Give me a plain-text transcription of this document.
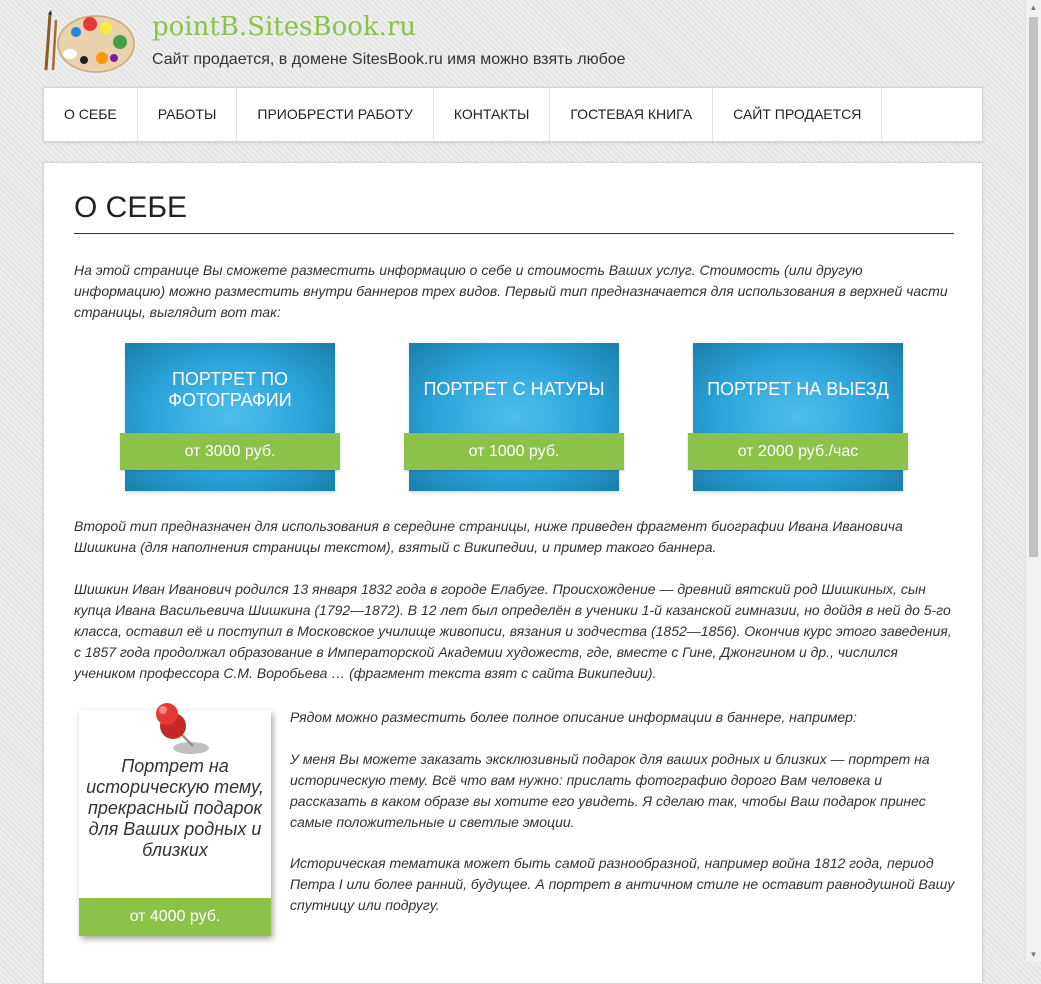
pointB.SitesBook.ru
Сайт продается, в домене SitesBook.ru имя можно взять любое
О СЕБЕ	РАБОТЫ	ПРИОБРЕСТИ РАБОТУ	КОНТАКТЫ	ГОСТЕВАЯ КНИГА	САЙТ ПРОДАЕТСЯ
О СЕБЕ

На этой странице Вы сможете разместить информацию о себе и стоимость Ваших услуг. Стоимость (или другую информацию) можно разместить внутри баннеров трех видов. Первый тип предназначается для использования в верхней части страницы, выглядит вот так:

ПОРТРЕТ ПО ФОТОГРАФИИ
от 3000 руб.
ПОРТРЕТ С НАТУРЫ
от 1000 руб.
ПОРТРЕТ НА ВЫЕЗД
от 2000 руб./час

Второй тип предназначен для использования в середине страницы, ниже приведен фрагмент биографии Ивана Ивановича Шишкина (для наполнения страницы текстом), взятый с Википедии, и пример такого баннера.

Шишкин Иван Иванович родился 13 января 1832 года в городе Елабуге. Происхождение — древний вятский род Шишкиных, сын купца Ивана Васильевича Шишкина (1792—1872). В 12 лет был определён в ученики 1-й казанской гимназии, но дойдя в ней до 5-го класса, оставил её и поступил в Московское училище живописи, вязания и зодчества (1852—1856). Окончив курс этого заведения, с 1857 года продолжал образование в Императорской Академии художеств, где, вместе с Гине, Джонгином и др., числился учеником профессора С.М. Воробьева … (фрагмент текста взят с сайта Википедии).

Портрет на историческую тему, прекрасный подарок для Ваших родных и близких
от 4000 руб.

Рядом можно разместить более полное описание информации в баннере, например:

У меня Вы можете заказать эксклюзивный подарок для ваших родных и близких — портрет на историческую тему. Всё что вам нужно: прислать фотографию дорого Вам человека и рассказать в каком образе вы хотите его увидеть. Я сделаю так, чтобы Ваш подарок принес самые положительные и светлые эмоции.

Историческая тематика может быть самой разнообразной, например война 1812 года, период Петра I или более ранний, будущее. А портрет в античном стиле не оставит равнодушной Вашу спутницу или подругу.

▲
▼
